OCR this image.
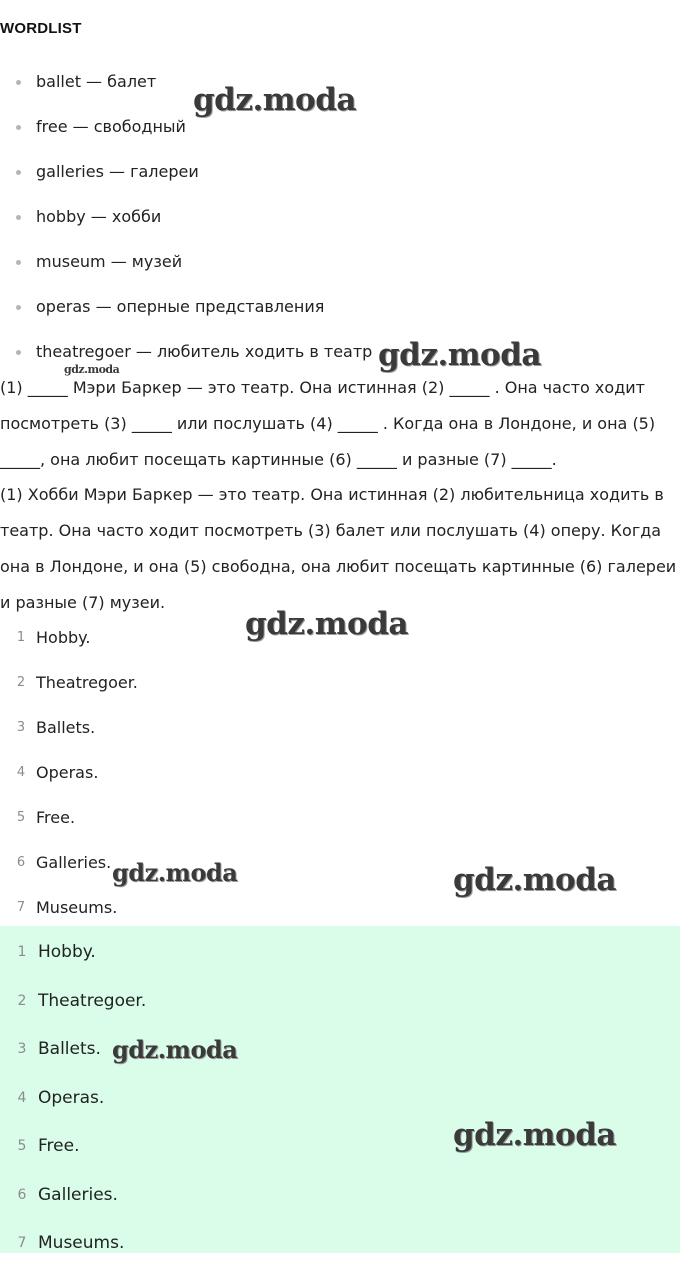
WORDLIST
ballet — балет
free — свободный
galleries — галереи
hobby — хобби
museum — музей
operas — оперные представления
theatregoer — любитель ходить в театр

(1) _____ Мэри Баркер — это театр. Она истинная (2) _____ . Она часто ходит посмотреть (3) _____ или послушать (4) _____ . Когда она в Лондоне, и она (5) _____, она любит посещать картинные (6) _____ и разные (7) _____.

(1) Хобби Мэри Баркер — это театр. Она истинная (2) любительница ходить в театр. Она часто ходит посмотреть (3) балет или послушать (4) оперу. Когда она в Лондоне, и она (5) свободна, она любит посещать картинные (6) галереи и разные (7) музеи.

1 Hobby.
2 Theatregoer.
3 Ballets.
4 Operas.
5 Free.
6 Galleries.
7 Museums.
1 Hobby.
2 Theatregoer.
3 Ballets.
4 Operas.
5 Free.
6 Galleries.
7 Museums.
gdz.moda
gdz.moda
gdz.moda
gdz.moda
gdz.moda	gdz.moda
gdz.moda
gdz.moda
